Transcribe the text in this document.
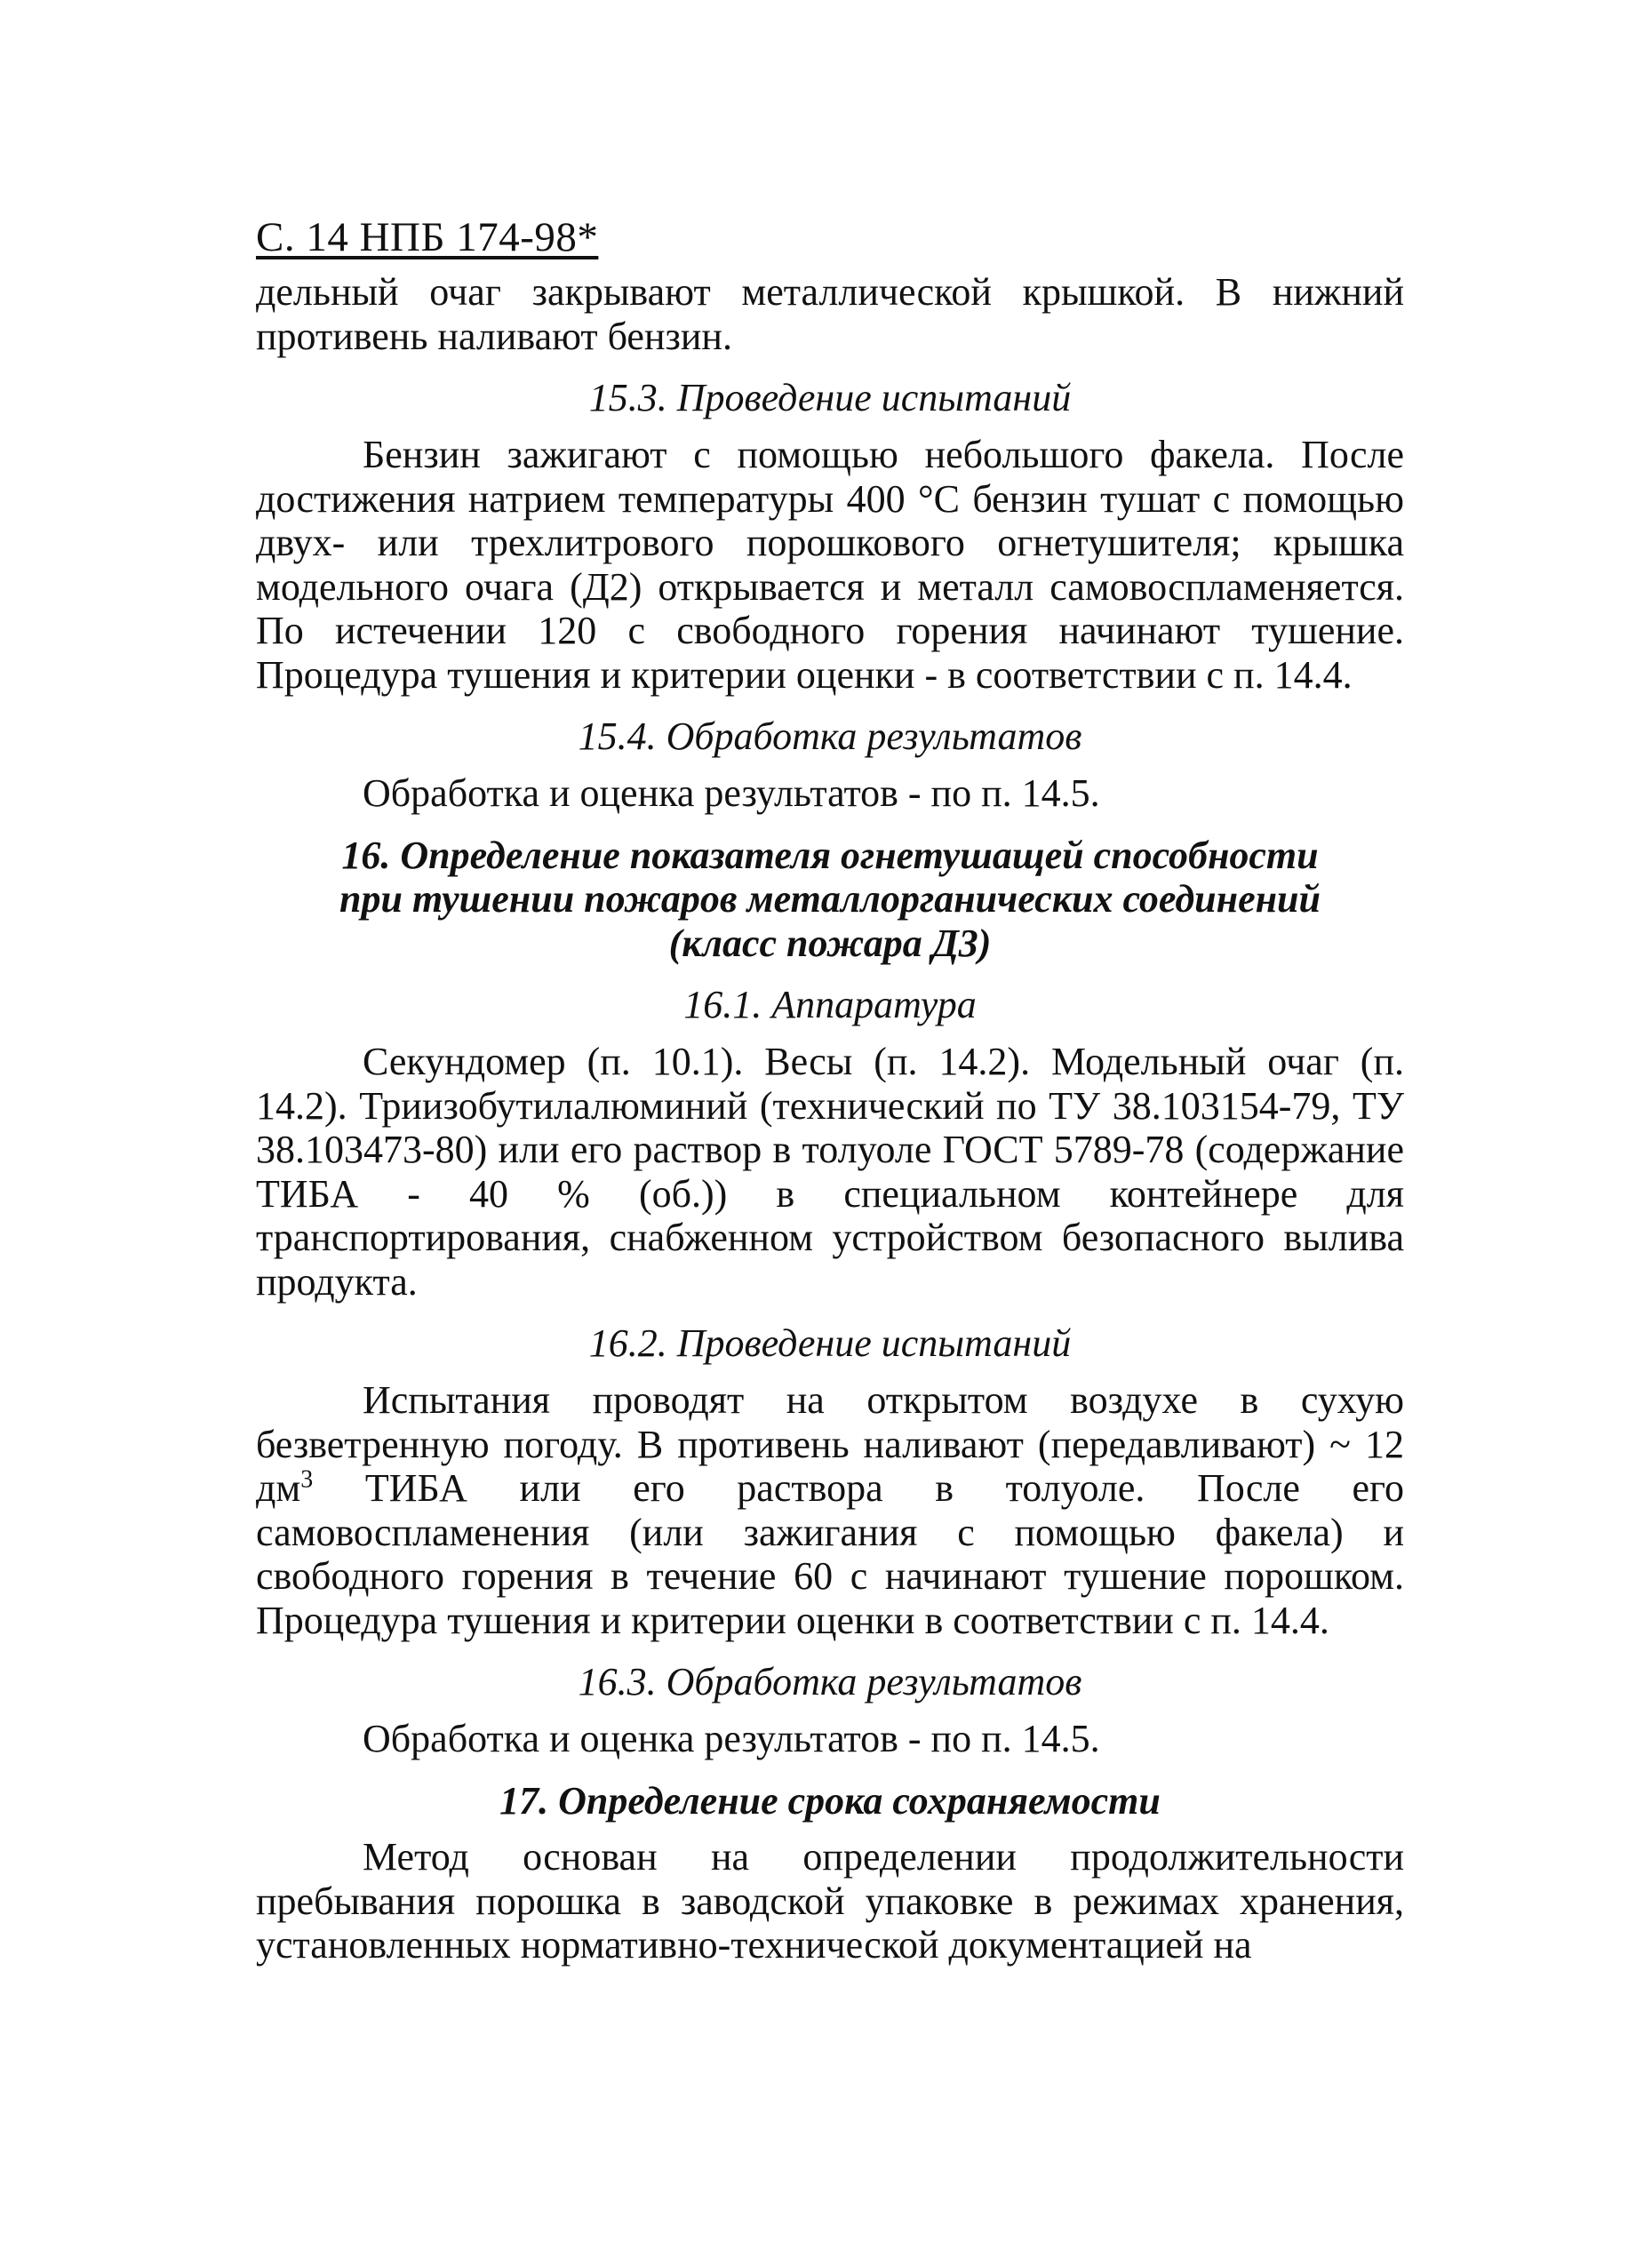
С. 14 НПБ 174-98*

дельный очаг закрывают металлической крышкой. В нижний противень наливают бензин.

15.3. Проведение испытаний

Бензин зажигают с помощью небольшого факела. После достижения натрием температуры 400 °С бензин тушат с помощью двух- или трехлитрового порошкового огнетушителя; крышка модельного очага (Д2) открывается и металл самовоспламеняется. По истечении 120 с свободного горения начинают тушение. Процедура тушения и критерии оценки - в соответствии с п. 14.4.

15.4. Обработка результатов

Обработка и оценка результатов - по п. 14.5.

16. Определение показателя огнетушащей способности
при тушении пожаров металлорганических соединений
(класс пожара Д3)
16.1. Аппаратура

Секундомер (п. 10.1). Весы (п. 14.2). Модельный очаг (п. 14.2). Триизобутилалюминий (технический по ТУ 38.103154-79, ТУ 38.103473-80) или его раствор в толуоле ГОСТ 5789-78 (содержание ТИБА - 40 % (об.)) в специальном контейнере для транспортирования, снабженном устройством безопасного вылива продукта.

16.2. Проведение испытаний

Испытания проводят на открытом воздухе в сухую безветренную погоду. В противень наливают (передавливают) ~ 12 $дм^3$ ТИБА или его раствора в толуоле. После его самовоспламенения (или зажигания с помощью факела) и свободного горения в течение 60 с начинают тушение порошком. Процедура тушения и критерии оценки в соответствии с п. 14.4.

16.3. Обработка результатов

Обработка и оценка результатов - по п. 14.5.

17. Определение срока сохраняемости

Метод основан на определении продолжительности пребывания порошка в заводской упаковке в режимах хранения, установленных нормативно-технической документацией на
